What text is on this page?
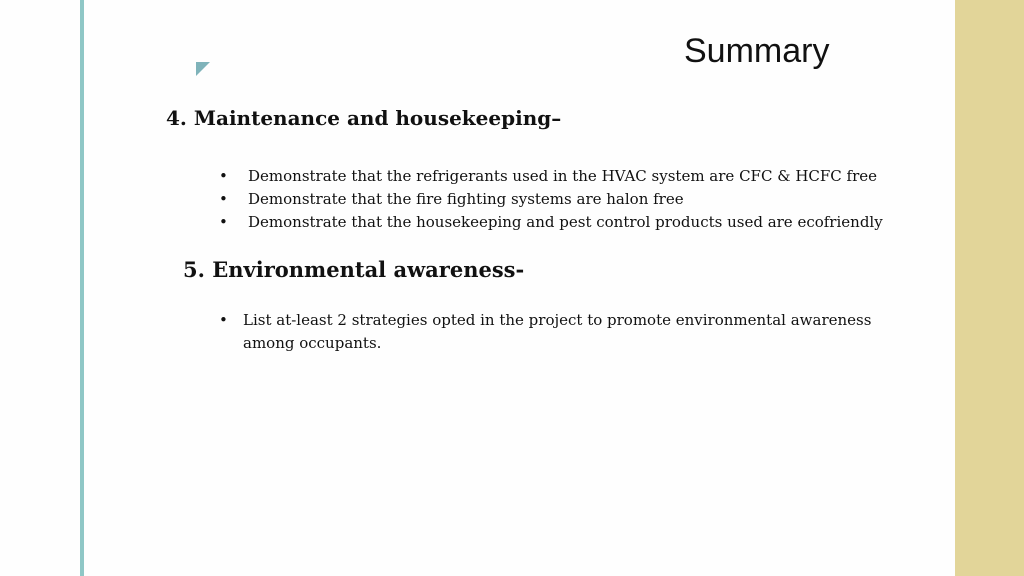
Summary
4. Maintenance and housekeeping–
• Demonstrate that the refrigerants used in the HVAC system are CFC & HCFC free
• Demonstrate that the fire fighting systems are halon free
• Demonstrate that the housekeeping and pest control products used are ecofriendly
5. Environmental awareness-
•	List at-least 2 strategies opted in the project to promote environmental awareness among occupants.
